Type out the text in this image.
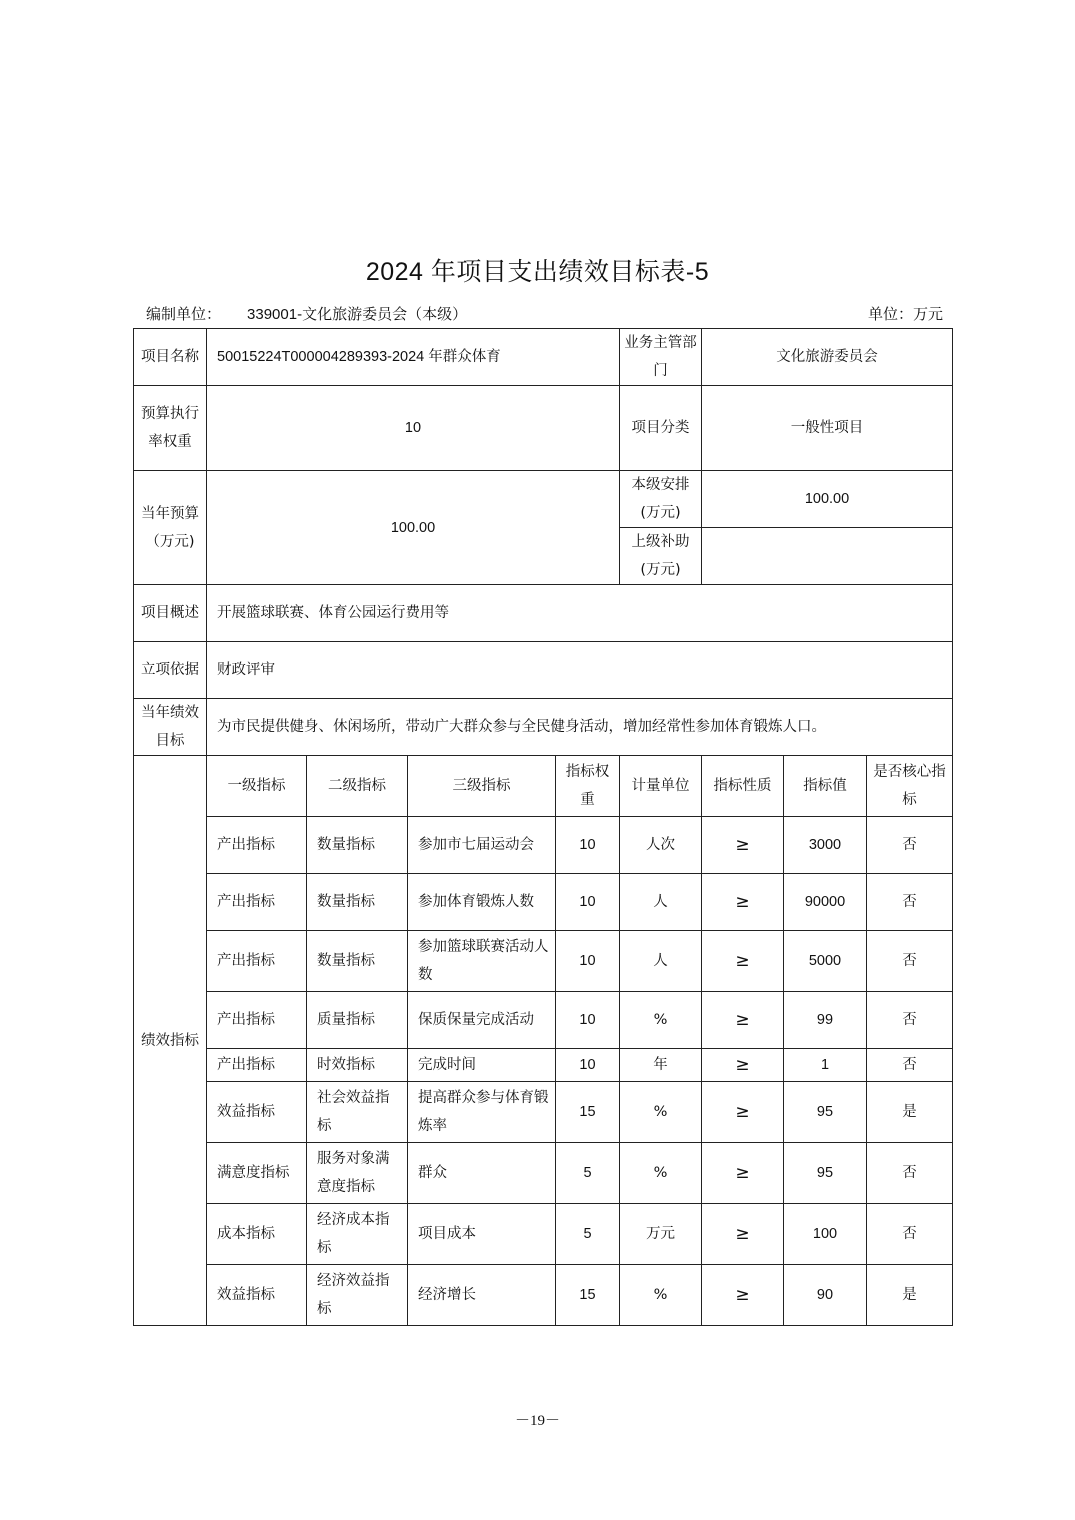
2024 年项目支出绩效目标表-5
编制单位： 339001-文化旅游委员会（本级）	单位：万元
项目名称	50015224T000004289393-2024 年群众体育				业务主管部门	文化旅游委员会		
预算执行率权重	10				项目分类	一般性项目		
当年预算（万元)	100.00				本级安排(万元)	100.00		
					上级补助(万元)			
项目概述	开展篮球联赛、体育公园运行费用等							
立项依据	财政评审							
当年绩效目标	为市民提供健身、休闲场所，带动广大群众参与全民健身活动，增加经常性参加体育锻炼人口。							
绩效指标	一级指标	二级指标	三级指标	指标权重	计量单位	指标性质	指标值	是否核心指标
	产出指标	数量指标	参加市七届运动会	10	人次	≥	3000	否
	产出指标	数量指标	参加体育锻炼人数	10	人	≥	90000	否
	产出指标	数量指标	参加篮球联赛活动人数	10	人	≥	5000	否
	产出指标	质量指标	保质保量完成活动	10	%	≥	99	否
	产出指标	时效指标	完成时间	10	年	≥	1	否
	效益指标	社会效益指标	提高群众参与体育锻炼率	15	%	≥	95	是
	满意度指标	服务对象满意度指标	群众	5	%	≥	95	否
	成本指标	经济成本指标	项目成本	5	万元	≥	100	否
	效益指标	经济效益指标	经济增长	15	%	≥	90	是
－19－
